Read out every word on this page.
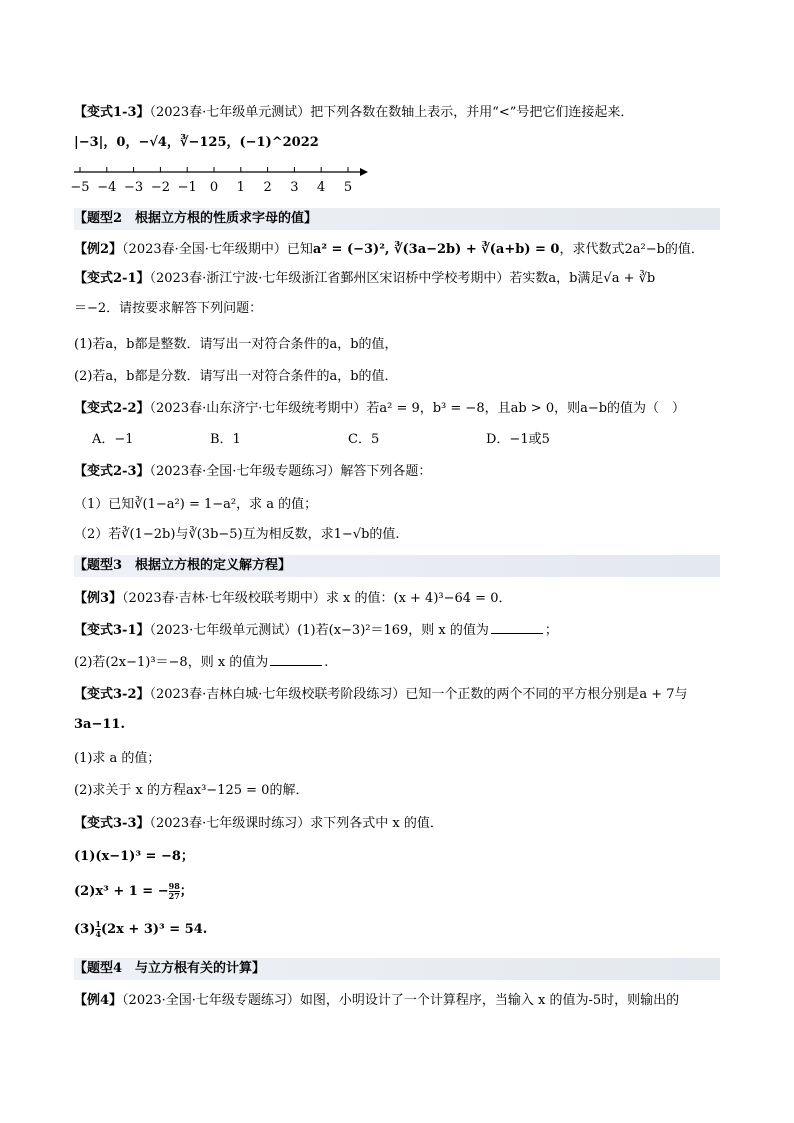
【变式1-3】（2023春·七年级单元测试）把下列各数在数轴上表示，并用“<”号把它们连接起来．
|−3|，0，−√4，∛−125，(−1)^2022
−5 −4 −3 −2 −1 0 1 2 3 4 5
【题型2　根据立方根的性质求字母的值】
【例2】（2023春·全国·七年级期中）已知a² = (−3)², ∛(3a−2b) + ∛(a+b) = 0，求代数式2a²−b的值．
【变式2-1】（2023春·浙江宁波·七年级浙江省鄞州区宋诏桥中学校考期中）若实数a，b满足√a + ∛b
＝−2．请按要求解答下列问题：
(1)若a，b都是整数．请写出一对符合条件的a，b的值，
(2)若a，b都是分数．请写出一对符合条件的a，b的值．
【变式2-2】（2023春·山东济宁·七年级统考期中）若a² = 9，b³ = −8，且ab > 0，则a−b的值为（　）
A．−1	B．1	C．5	D．−1或5
【变式2-3】（2023春·全国·七年级专题练习）解答下列各题：
（1）已知∛(1−a²) = 1−a²，求 a 的值；
（2）若∛(1−2b)与∛(3b−5)互为相反数，求1−√b的值.
【题型3　根据立方根的定义解方程】
【例3】（2023春·吉林·七年级校联考期中）求 x 的值：(x + 4)³−64 = 0．
【变式3-1】（2023·七年级单元测试）(1)若(x−3)²＝169，则 x 的值为	；
(2)若(2x−1)³＝−8，则 x 的值为	.
【变式3-2】（2023春·吉林白城·七年级校联考阶段练习）已知一个正数的两个不同的平方根分别是a + 7与
3a−11.
(1)求 a 的值；
(2)求关于 x 的方程ax³−125 = 0的解．
【变式3-3】（2023春·七年级课时练习）求下列各式中 x 的值．
(1)(x−1)³ = −8；
(2)x³ + 1 = − $\frac{98}{27}$ ；
$(3) \frac{1}{4} (2x + 3)^3 = 54$.
【题型4　与立方根有关的计算】
【例4】（2023·全国·七年级专题练习）如图，小明设计了一个计算程序，当输入 x 的值为-5时，则输出的
